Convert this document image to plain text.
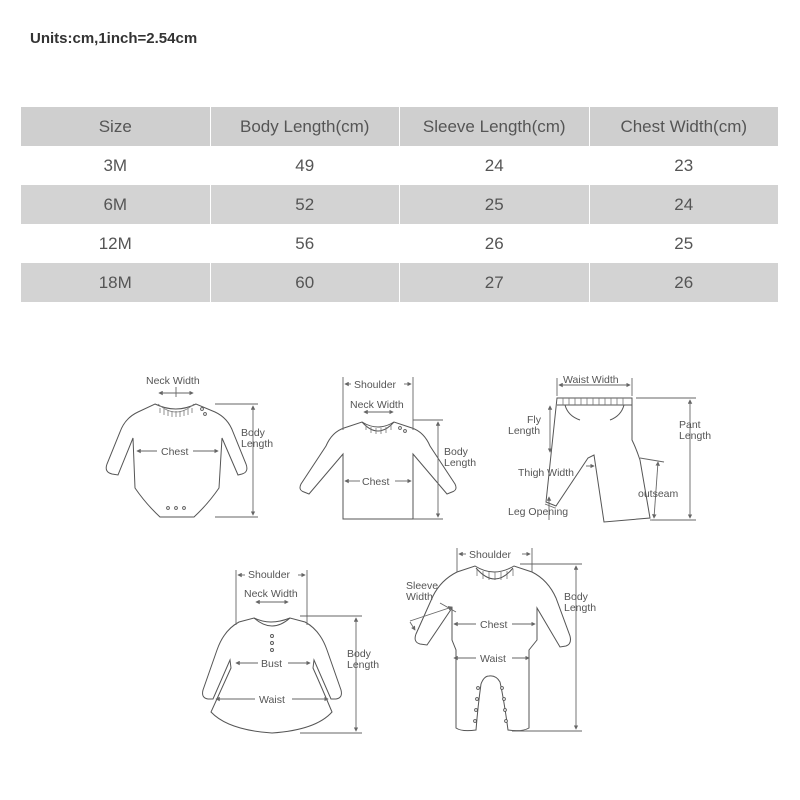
Units:cm,1inch=2.54cm
Size	Body Length(cm)	Sleeve Length(cm)	Chest Width(cm)
3M	49	24	23
6M	52	25	24
12M	56	26	25
18M	60	27	26
Neck Width
Chest
Body
Length
Shoulder
Neck Width
Chest
Body
Length
Waist Width
Fly
Length	Pant
Length
Thigh Width
outseam
Leg Opening
Shoulder
Neck Width
Bust
Waist
Body
Length
Shoulder
Sleeve
Width
Chest
Waist
Body
Length
